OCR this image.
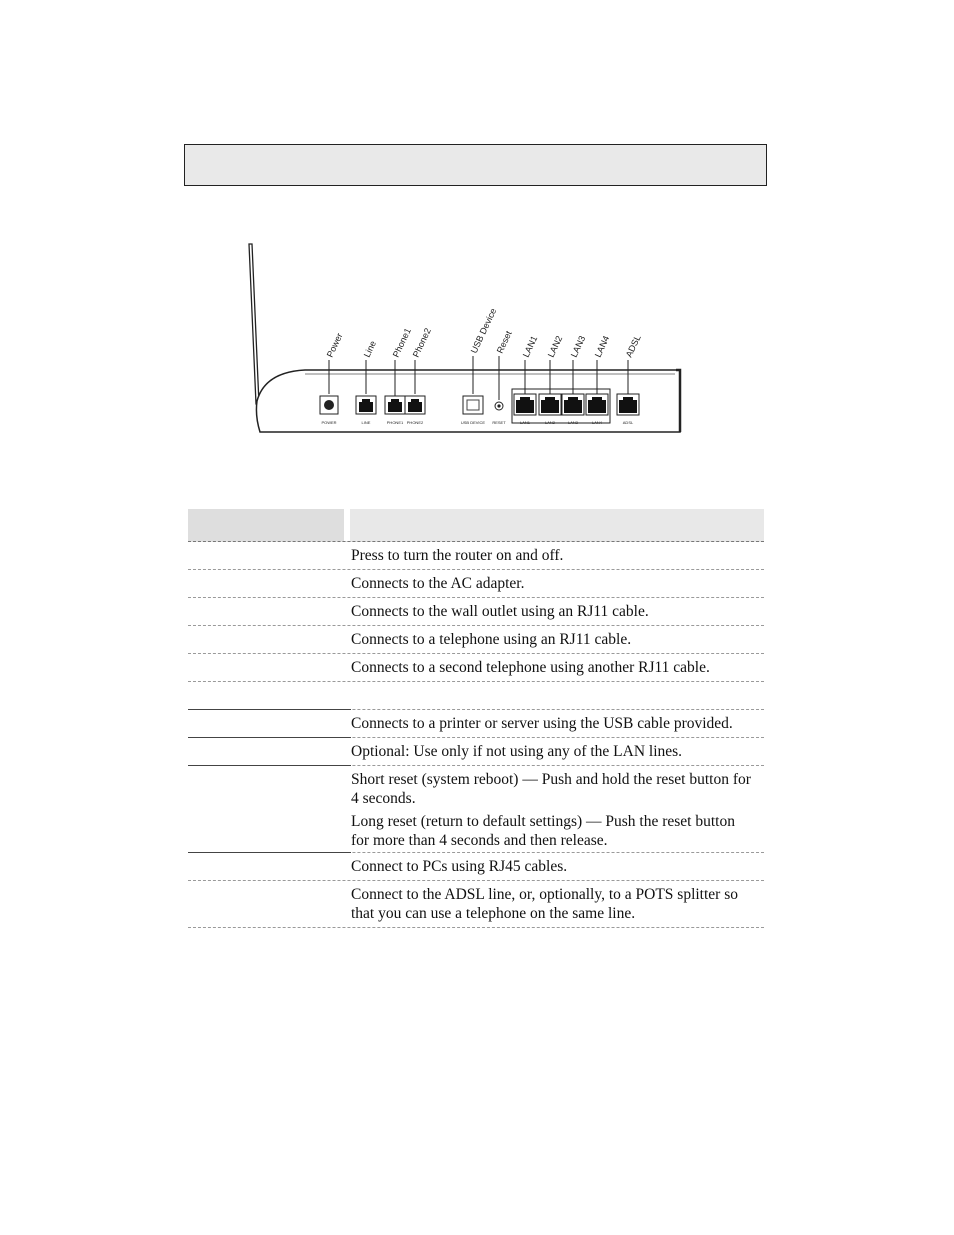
POWER	LINE	PHONE1 PHONE2	USB DEVICE RESET	LAN1	LAN2	LAN3	LAN4	ADSL
Power Line Phone1
Phone2	USB Device
Reset LAN1 LAN2 LAN3 LAN4 ADSL

Press to turn the router on and off.

Connects to the AC adapter.

Connects to the wall outlet using an RJ11 cable.

Connects to a telephone using an RJ11 cable.

Connects to a second telephone using another RJ11 cable.

Connects to a printer or server using the USB cable provided.

Optional: Use only if not using any of the LAN lines.

Short reset (system reboot) — Push and hold the reset button for 4 seconds.

Long reset (return to default settings) — Push the reset button for more than 4 seconds and then release.

Connect to PCs using RJ45 cables.

Connect to the ADSL line, or, optionally, to a POTS splitter so that you can use a telephone on the same line.
